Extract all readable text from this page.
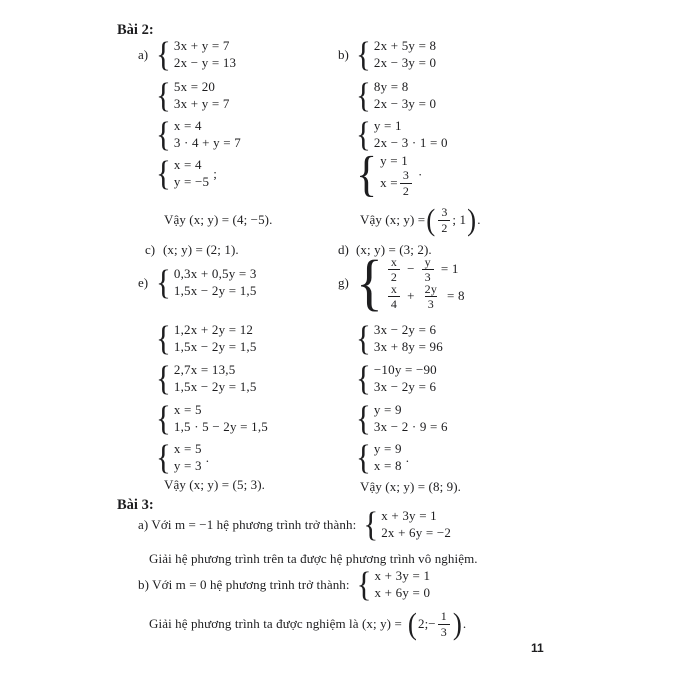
Bài 2:
a) { 3x + y = 7
2x − y = 13
{ 5x = 20
3x + y = 7
{ x = 4
3 · 4 + y = 7
{ x = 4
y = −5
;
Vậy (x; y) = (4; −5).
c) (x; y) = (2; 1).
e) { 0,3x + 0,5y = 3
1,5x − 2y = 1,5
{ 1,2x + 2y = 12
1,5x − 2y = 1,5
{ 2,7x = 13,5
1,5x − 2y = 1,5
{ x = 5
1,5 · 5 − 2y = 1,5
{ x = 5
y = 3
.
Vậy (x; y) = (5; 3).
b) { 2x + 5y = 8
2x − 3y = 0
{ 8y = 8
2x − 3y = 0
{ y = 1
2x − 3 · 1 = 0
{ y = 1
$x = \frac{3}{2}$ ·
Vậy (x; y) = ( $\frac{3}{2}$ ; 1 ) .
d) (x; y) = (3; 2).
g) { $\frac{x}{2} - \frac{y}{3} = 1$
$\frac{x}{4} + \frac{2y}{3} = 8$
{ 3x − 2y = 6
3x + 8y = 96
{ −10y = −90
3x − 2y = 6
{ y = 9
3x − 2 · 9 = 6
{ y = 9
x = 8
.
Vậy (x; y) = (8; 9).
Bài 3:
a) Với m = −1 hệ phương trình trở thành: { x + 3y = 1
2x + 6y = −2
Giải hệ phương trình trên ta được hệ phương trình vô nghiệm.
b) Với m = 0 hệ phương trình trở thành: { x + 3y = 1
x + 6y = 0
Giải hệ phương trình ta được nghiệm là (x; y) = ( 2;− $\frac{1}{3}$ ) .
11
